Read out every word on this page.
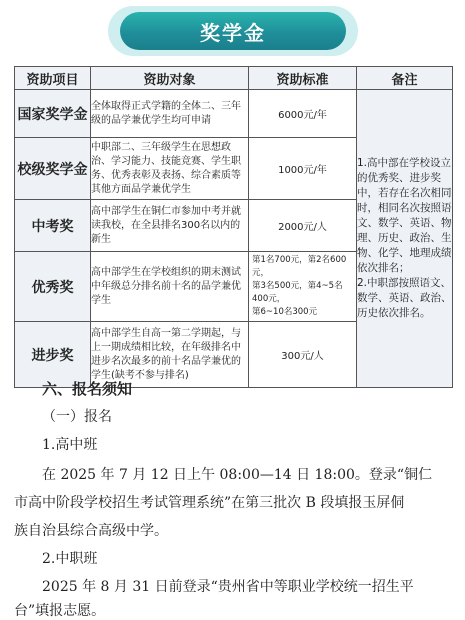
奖学金
资助项目	资助对象	资助标准	备注
国家奖学金	全体取得正式学籍的全体二、三年级的品学兼优学生均可申请	6000元/年	1.高中部在学校设立的优秀奖、进步奖中，若存在名次相同时，相同名次按照语文、数学、英语、物理、历史、政治、生物、化学、地理成绩依次排名；

2.中职部按照语文、数学、英语、政治、历史依次排名。

校级奖学金	中职部二、三年级学生在思想政治、学习能力、技能竞赛、学生职务、优秀表彰及表扬、综合素质等其他方面品学兼优学生	1000元/年	
中考奖	高中部学生在铜仁市参加中考并就读我校，在全县排名300名以内的新生	2000元/人	
优秀奖	高中部学生在学校组织的期末测试中年级总分排名前十名的品学兼优学生	第1名700元，第2名600元，
第3名500元，第4~5名400元，
第6~10名300元	

进步奖	高中部学生自高一第二学期起，与上一期成绩相比较，在年级排名中进步名次最多的前十名品学兼优的学生(缺考不参与排名)	300元/人	
六、报名须知
（一）报名
1.高中班
在 2025 年 7 月 12 日上午 08:00—14 日 18:00。登录“铜仁
市高中阶段学校招生考试管理系统”在第三批次 B 段填报玉屏侗
族自治县综合高级中学。
2.中职班
2025 年 8 月 31 日前登录“贵州省中等职业学校统一招生平
台”填报志愿。
